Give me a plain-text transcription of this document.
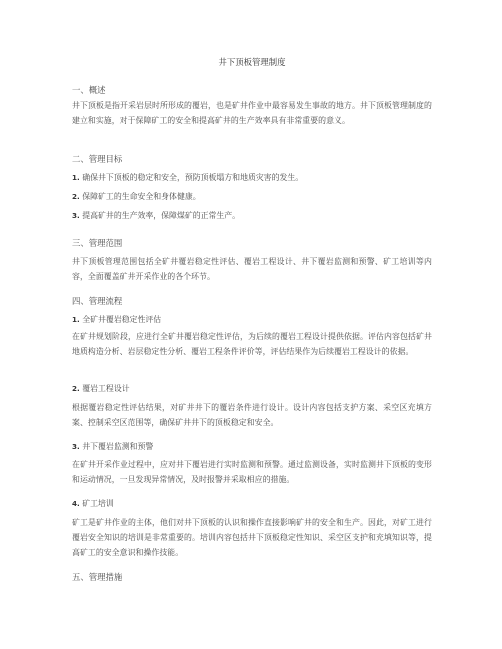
井下顶板管理制度
一、概述
井下顶板是指开采岩层时所形成的覆岩，也是矿井作业中最容易发生事故的地方。井下顶板管理制度的建立和实施，对于保障矿工的安全和提高矿井的生产效率具有非常重要的意义。
二、管理目标
1. 确保井下顶板的稳定和安全，预防顶板塌方和地质灾害的发生。
2. 保障矿工的生命安全和身体健康。
3. 提高矿井的生产效率，保障煤矿的正常生产。
三、管理范围
井下顶板管理范围包括全矿井覆岩稳定性评估、覆岩工程设计、井下覆岩监测和预警、矿工培训等内容，全面覆盖矿井开采作业的各个环节。
四、管理流程
1. 全矿井覆岩稳定性评估
在矿井规划阶段，应进行全矿井覆岩稳定性评估，为后续的覆岩工程设计提供依据。评估内容包括矿井地质构造分析、岩层稳定性分析、覆岩工程条件评价等，评估结果作为后续覆岩工程设计的依据。
2. 覆岩工程设计
根据覆岩稳定性评估结果，对矿井井下的覆岩条件进行设计。设计内容包括支护方案、采空区充填方案、控制采空区范围等，确保矿井井下的顶板稳定和安全。
3. 井下覆岩监测和预警
在矿井开采作业过程中，应对井下覆岩进行实时监测和预警。通过监测设备，实时监测井下顶板的变形和运动情况，一旦发现异常情况，及时报警并采取相应的措施。
4. 矿工培训
矿工是矿井作业的主体，他们对井下顶板的认识和操作直接影响矿井的安全和生产。因此，对矿工进行覆岩安全知识的培训是非常重要的。培训内容包括井下顶板稳定性知识、采空区支护和充填知识等，提高矿工的安全意识和操作技能。
五、管理措施
